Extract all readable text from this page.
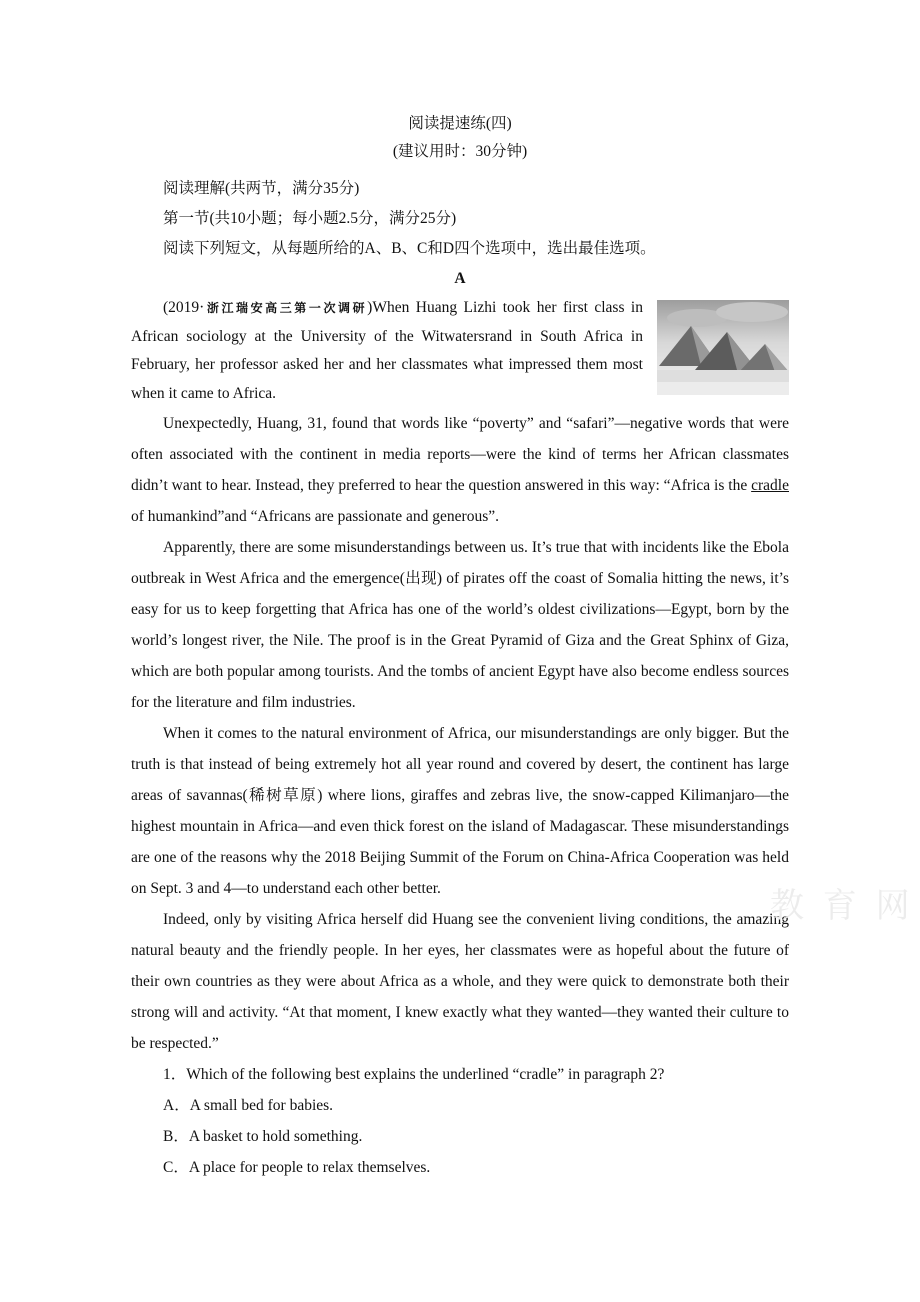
阅读提速练(四)

(建议用时：30分钟)

阅读理解(共两节，满分35分)

第一节(共10小题；每小题2.5分，满分25分)

阅读下列短文，从每题所给的A、B、C和D四个选项中，选出最佳选项。

A

(2019·浙江瑞安高三第一次调研)When Huang Lizhi took her first class in African sociology at the University of the Witwatersrand in South Africa in February, her professor asked her and her classmates what impressed them most when it came to Africa.

Unexpectedly, Huang, 31, found that words like “poverty” and “safari”—negative words that were often associated with the continent in media reports—were the kind of terms her African classmates didn’t want to hear. Instead, they preferred to hear the question answered in this way: “Africa is the cradle of humankind”and “Africans are passionate and generous”.

Apparently, there are some misunderstandings between us. It’s true that with incidents like the Ebola outbreak in West Africa and the emergence(出现) of pirates off the coast of Somalia hitting the news, it’s easy for us to keep forgetting that Africa has one of the world’s oldest civilizations—Egypt, born by the world’s longest river, the Nile. The proof is in the Great Pyramid of Giza and the Great Sphinx of Giza, which are both popular among tourists. And the tombs of ancient Egypt have also become endless sources for the literature and film industries.

When it comes to the natural environment of Africa, our misunderstandings are only bigger. But the truth is that instead of being extremely hot all year round and covered by desert, the continent has large areas of savannas(稀树草原) where lions, giraffes and zebras live, the snow-capped Kilimanjaro—the highest mountain in Africa—and even thick forest on the island of Madagascar. These misunderstandings are one of the reasons why the 2018 Beijing Summit of the Forum on China-Africa Cooperation was held on Sept. 3 and 4—to understand each other better.

Indeed, only by visiting Africa herself did Huang see the convenient living conditions, the amazing natural beauty and the friendly people. In her eyes, her classmates were as hopeful about the future of their own countries as they were about Africa as a whole, and they were quick to demonstrate both their strong will and activity. “At that moment, I knew exactly what they wanted—they wanted their culture to be respected.”

1．Which of the following best explains the underlined “cradle” in paragraph 2?

A．A small bed for babies.

B．A basket to hold something.

C．A place for people to relax themselves.

教 育 网
